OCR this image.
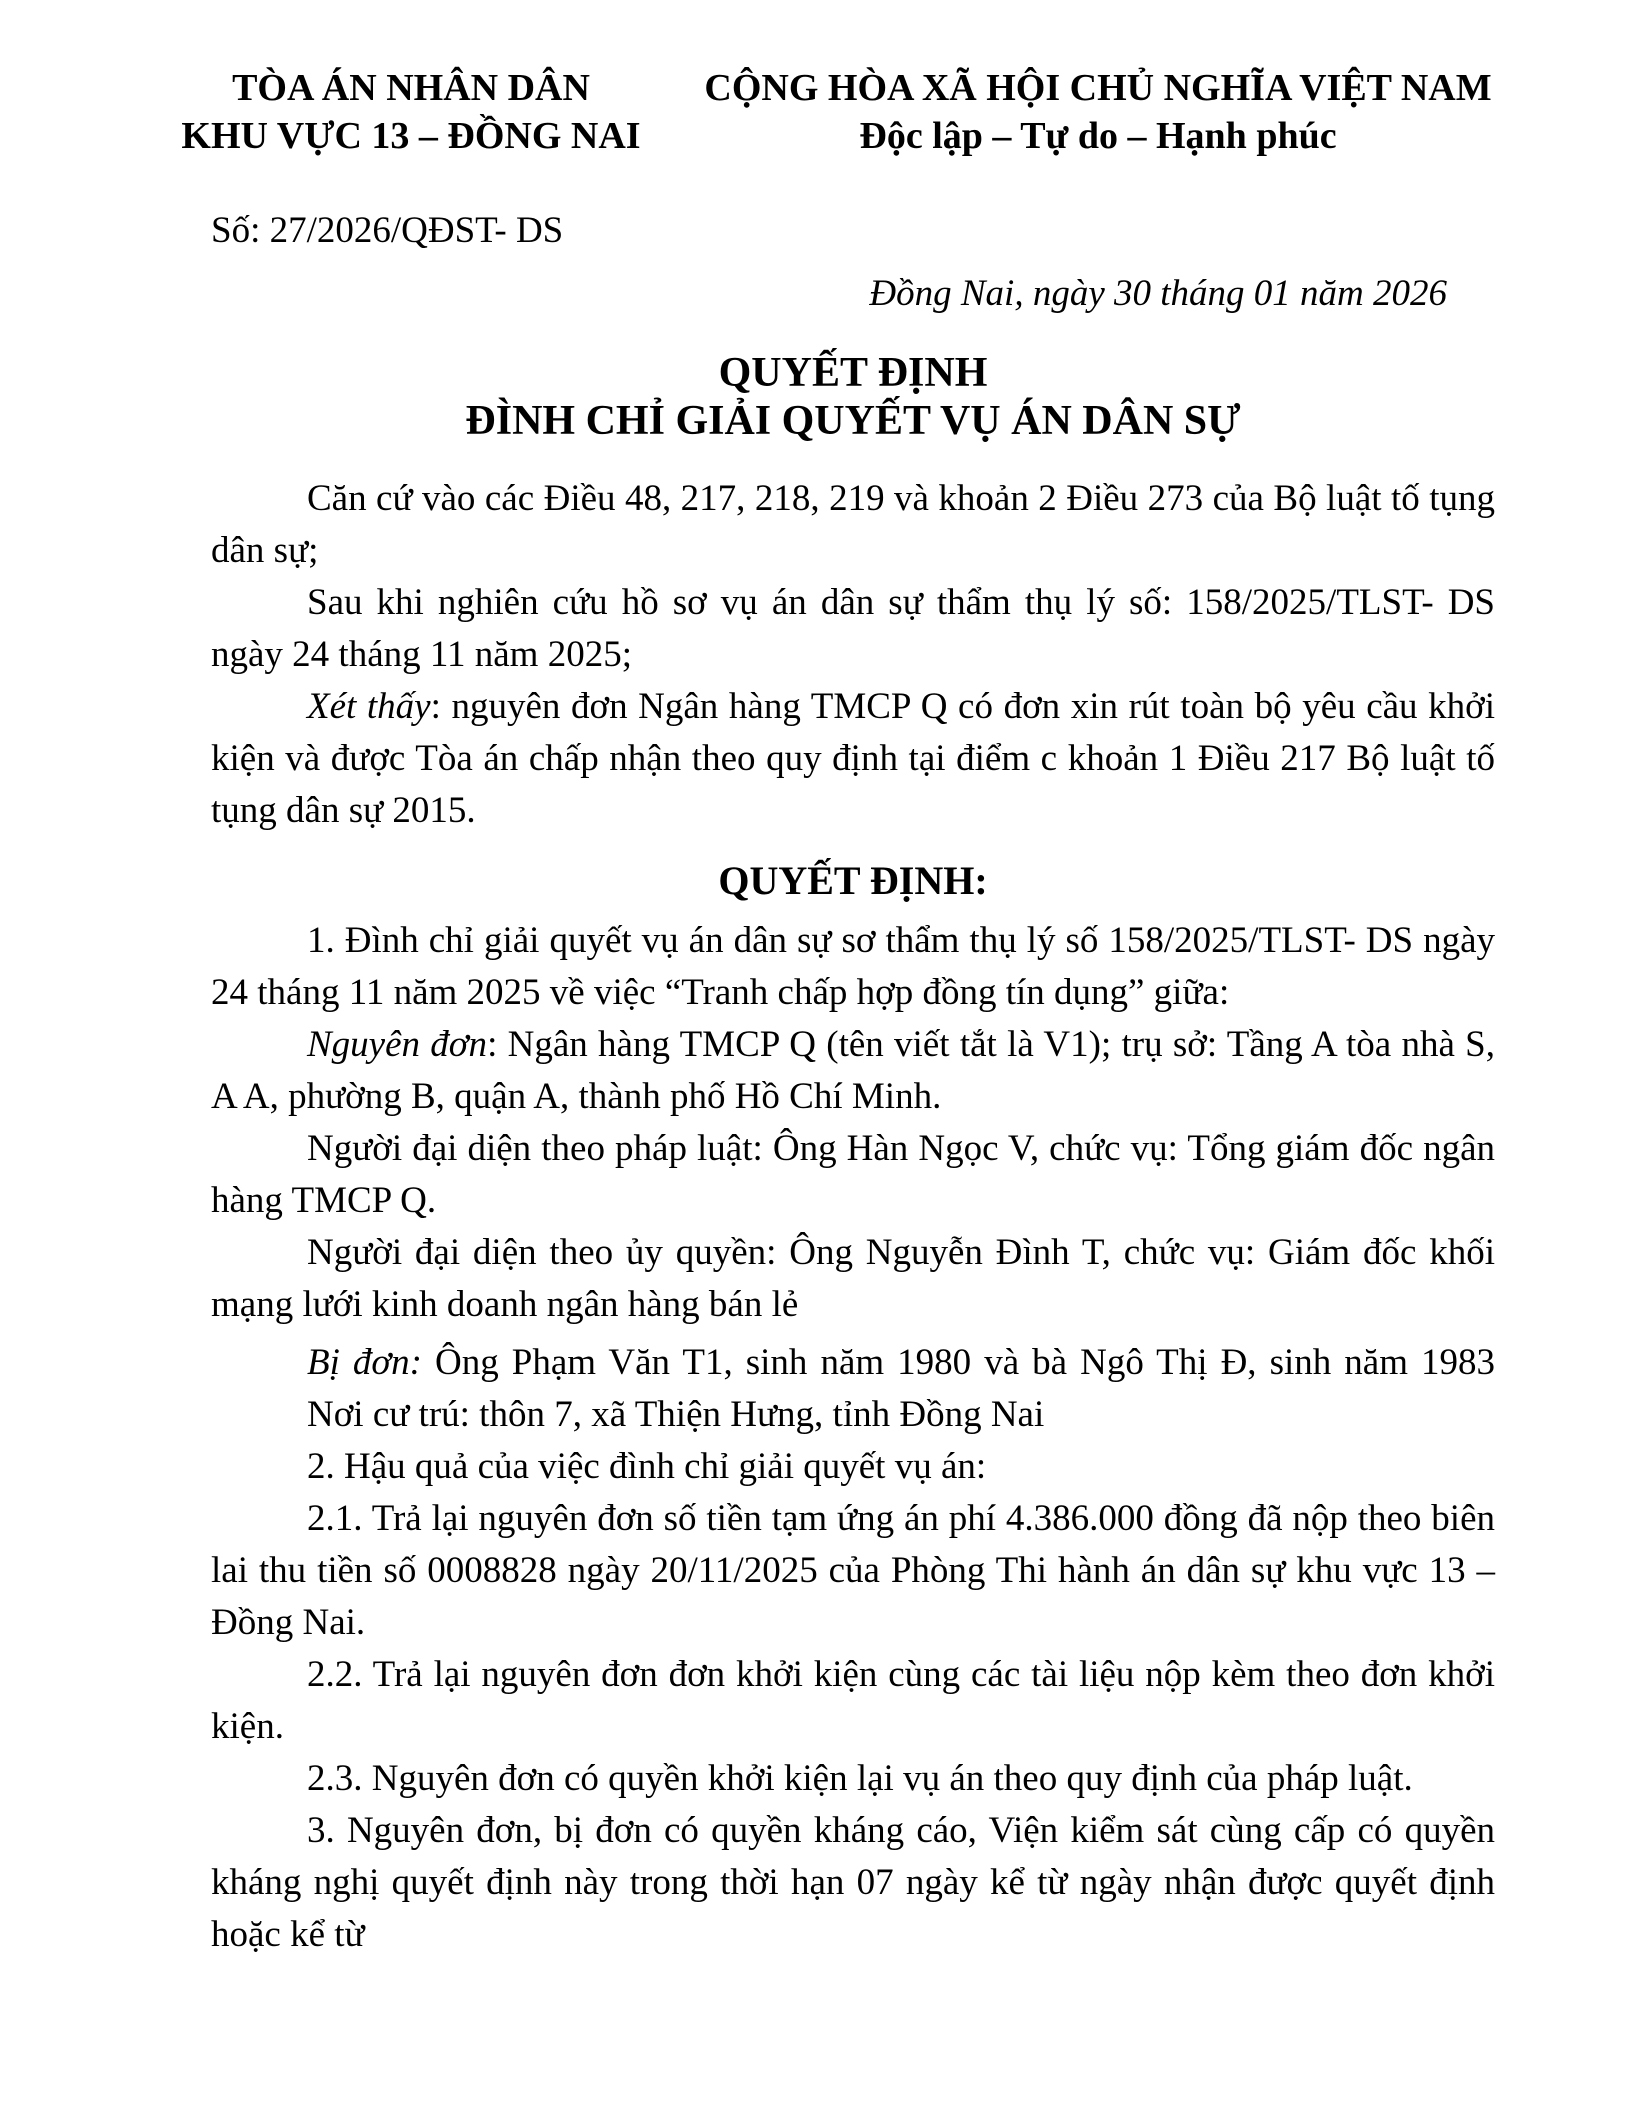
TÒA ÁN NHÂN DÂN
KHU VỰC 13 – ĐỒNG NAI
CỘNG HÒA XÃ HỘI CHỦ NGHĨA VIỆT NAM
Độc lập – Tự do – Hạnh phúc
Số: 27/2026/QĐST- DS
Đồng Nai, ngày 30 tháng 01 năm 2026
QUYẾT ĐỊNH
ĐÌNH CHỈ GIẢI QUYẾT VỤ ÁN DÂN SỰ

Căn cứ vào các Điều 48, 217, 218, 219 và khoản 2 Điều 273 của Bộ luật tố tụng dân sự;

Sau khi nghiên cứu hồ sơ vụ án dân sự thẩm thụ lý số: 158/2025/TLST- DS ngày 24 tháng 11 năm 2025;

Xét thấy: nguyên đơn Ngân hàng TMCP Q có đơn xin rút toàn bộ yêu cầu khởi kiện và được Tòa án chấp nhận theo quy định tại điểm c khoản 1 Điều 217 Bộ luật tố tụng dân sự 2015.

QUYẾT ĐỊNH:

1. Đình chỉ giải quyết vụ án dân sự sơ thẩm thụ lý số 158/2025/TLST- DS ngày 24 tháng 11 năm 2025 về việc “Tranh chấp hợp đồng tín dụng” giữa:

Nguyên đơn: Ngân hàng TMCP Q (tên viết tắt là V1); trụ sở: Tầng A tòa nhà S, A A, phường B, quận A, thành phố Hồ Chí Minh.

Người đại diện theo pháp luật: Ông Hàn Ngọc V, chức vụ: Tổng giám đốc ngân hàng TMCP Q.

Người đại diện theo ủy quyền: Ông Nguyễn Đình T, chức vụ: Giám đốc khối mạng lưới kinh doanh ngân hàng bán lẻ

Bị đơn: Ông Phạm Văn T1, sinh năm 1980 và bà Ngô Thị Đ, sinh năm 1983 Nơi cư trú: thôn 7, xã Thiện Hưng, tỉnh Đồng Nai

2. Hậu quả của việc đình chỉ giải quyết vụ án:

2.1. Trả lại nguyên đơn số tiền tạm ứng án phí 4.386.000 đồng đã nộp theo biên lai thu tiền số 0008828 ngày 20/11/2025 của Phòng Thi hành án dân sự khu vực 13 – Đồng Nai.

2.2. Trả lại nguyên đơn đơn khởi kiện cùng các tài liệu nộp kèm theo đơn khởi kiện.

2.3. Nguyên đơn có quyền khởi kiện lại vụ án theo quy định của pháp luật.

3. Nguyên đơn, bị đơn có quyền kháng cáo, Viện kiểm sát cùng cấp có quyền kháng nghị quyết định này trong thời hạn 07 ngày kể từ ngày nhận được quyết định hoặc kể từ
